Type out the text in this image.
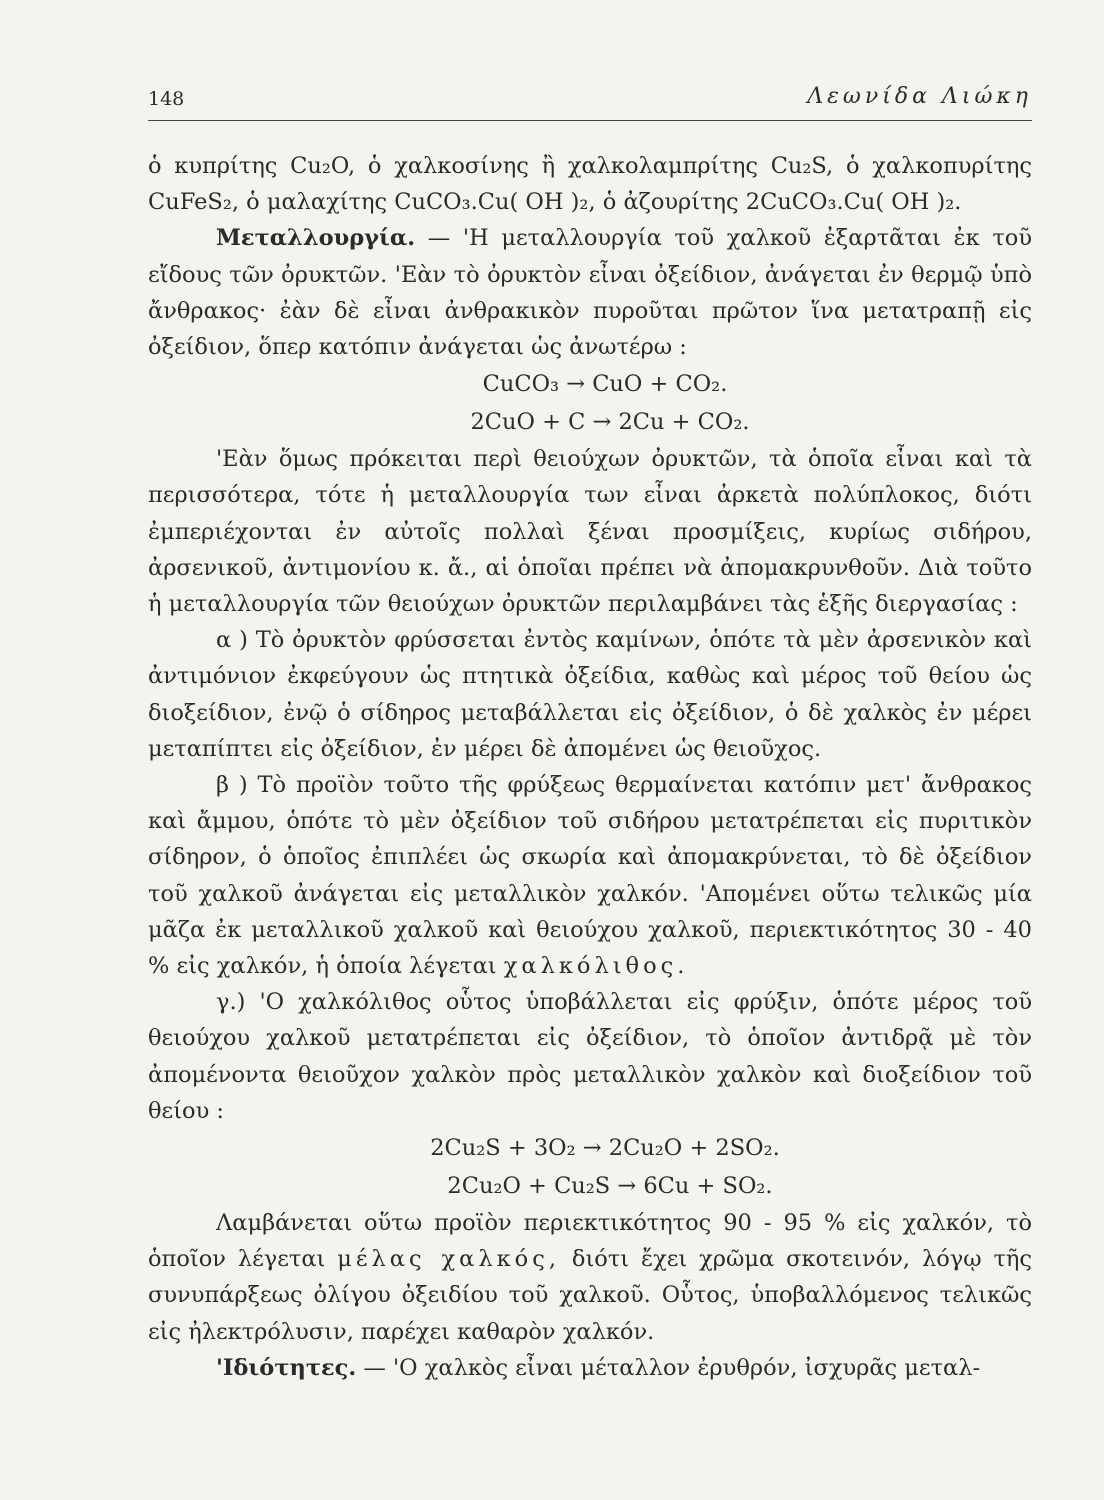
148	Λεωνίδα Λιώκη

ὁ κυπρίτης Cu₂O, ὁ χαλκοσίνης ἢ χαλκολαμπρίτης Cu₂S, ὁ χαλκοπυρίτης CuFeS₂, ὁ μαλαχίτης CuCO₃.Cu( OH )₂, ὁ ἀζουρίτης 2CuCO₃.Cu( OH )₂.

Μεταλλουργία. — 'Η μεταλλουργία τοῦ χαλκοῦ ἐξαρτᾶται ἐκ τοῦ εἴδους τῶν ὀρυκτῶν. 'Εὰν τὸ ὀρυκτὸν εἶναι ὀξείδιον, ἀνάγεται ἐν θερμῷ ὑπὸ ἄνθρακος· ἐὰν δὲ εἶναι ἀνθρακικὸν πυροῦται πρῶτον ἵνα μετατραπῇ εἰς ὀξείδιον, ὅπερ κατόπιν ἀνάγεται ὡς ἀνωτέρω :

CuCO₃ → CuO + CO₂.

2CuO + C → 2Cu + CO₂.

'Εὰν ὅμως πρόκειται περὶ θειούχων ὀρυκτῶν, τὰ ὁποῖα εἶναι καὶ τὰ περισσότερα, τότε ἡ μεταλλουργία των εἶναι ἀρκετὰ πολύπλοκος, διότι ἐμπεριέχονται ἐν αὐτοῖς πολλαὶ ξέναι προσμίξεις, κυρίως σιδήρου, ἀρσενικοῦ, ἀντιμονίου κ. ἄ., αἱ ὁποῖαι πρέπει νὰ ἀπομακρυνθοῦν. Διὰ τοῦτο ἡ μεταλλουργία τῶν θειούχων ὀρυκτῶν περιλαμβάνει τὰς ἑξῆς διεργασίας :

α ) Τὸ ὀρυκτὸν φρύσσεται ἐντὸς καμίνων, ὁπότε τὰ μὲν ἀρσενικὸν καὶ ἀντιμόνιον ἐκφεύγουν ὡς πτητικὰ ὀξείδια, καθὼς καὶ μέρος τοῦ θείου ὡς διοξείδιον, ἐνῷ ὁ σίδηρος μεταβάλλεται εἰς ὀξείδιον, ὁ δὲ χαλκὸς ἐν μέρει μεταπίπτει εἰς ὀξείδιον, ἐν μέρει δὲ ἀπομένει ὡς θειοῦχος.

β ) Τὸ προϊὸν τοῦτο τῆς φρύξεως θερμαίνεται κατόπιν μετ' ἄνθρακος καὶ ἄμμου, ὁπότε τὸ μὲν ὀξείδιον τοῦ σιδήρου μετατρέπεται εἰς πυριτικὸν σίδηρον, ὁ ὁποῖος ἐπιπλέει ὡς σκωρία καὶ ἀπομακρύνεται, τὸ δὲ ὀξείδιον τοῦ χαλκοῦ ἀνάγεται εἰς μεταλλικὸν χαλκόν. 'Απομένει οὕτω τελικῶς μία μᾶζα ἐκ μεταλλικοῦ χαλκοῦ καὶ θειούχου χαλκοῦ, περιεκτικότητος 30 - 40 % εἰς χαλκόν, ἡ ὁποία λέγεται χαλκόλιθος.

γ.) 'Ο χαλκόλιθος οὗτος ὑποβάλλεται εἰς φρύξιν, ὁπότε μέρος τοῦ θειούχου χαλκοῦ μετατρέπεται εἰς ὀξείδιον, τὸ ὁποῖον ἀντιδρᾷ μὲ τὸν ἀπομένοντα θειοῦχον χαλκὸν πρὸς μεταλλικὸν χαλκὸν καὶ διοξείδιον τοῦ θείου :

2Cu₂S + 3O₂ → 2Cu₂O + 2SO₂.

2Cu₂O + Cu₂S → 6Cu + SO₂.

Λαμβάνεται οὕτω προϊὸν περιεκτικότητος 90 - 95 % εἰς χαλκόν, τὸ ὁποῖον λέγεται μέλας χαλκός, διότι ἔχει χρῶμα σκοτεινόν, λόγῳ τῆς συνυπάρξεως ὀλίγου ὀξειδίου τοῦ χαλκοῦ. Οὗτος, ὑποβαλλόμενος τελικῶς εἰς ἠλεκτρόλυσιν, παρέχει καθαρὸν χαλκόν.

'Ιδιότητες. — 'Ο χαλκὸς εἶναι μέταλλον ἐρυθρόν, ἰσχυρᾶς μεταλ-
